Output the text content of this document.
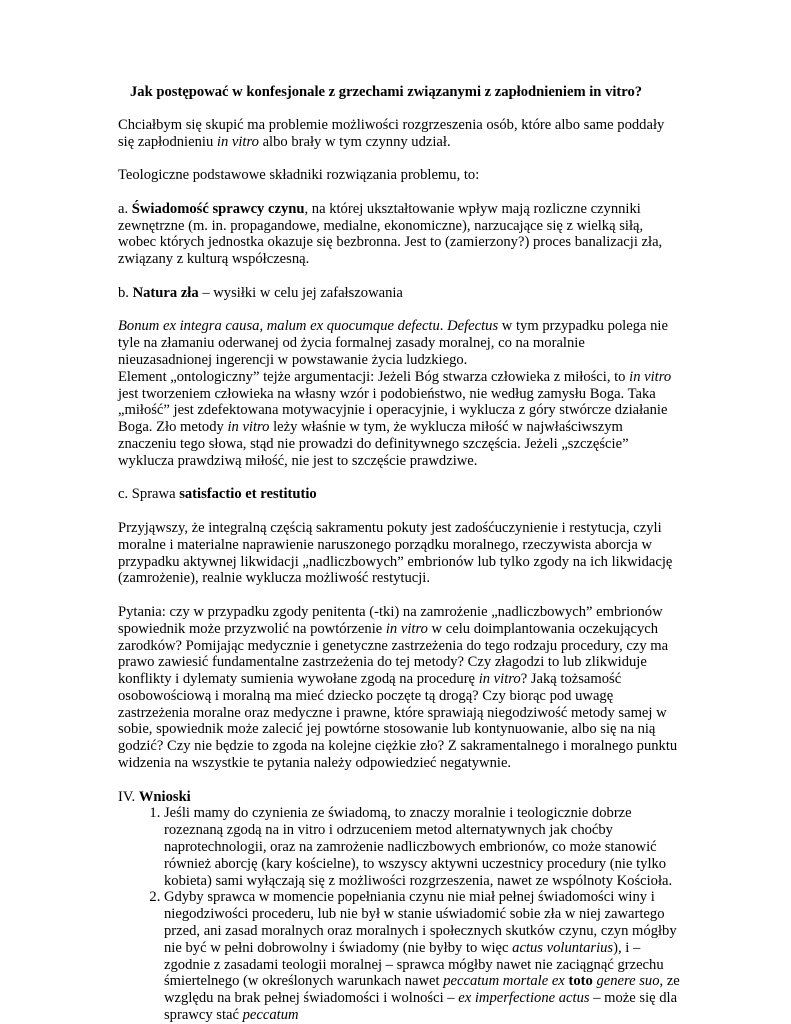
Jak postępować w konfesjonale z grzechami związanymi z zapłodnieniem in vitro?

Chciałbym się skupić ma problemie możliwości rozgrzeszenia osób, które albo same poddały się zapłodnieniu in vitro albo brały w tym czynny udział.

Teologiczne podstawowe składniki rozwiązania problemu, to:

a. Świadomość sprawcy czynu, na której ukształtowanie wpływ mają rozliczne czynniki zewnętrzne (m. in. propagandowe, medialne, ekonomiczne), narzucające się z wielką siłą, wobec których jednostka okazuje się bezbronna. Jest to (zamierzony?) proces banalizacji zła, związany z kulturą współczesną.

b. Natura zła – wysiłki w celu jej zafałszowania

Bonum ex integra causa, malum ex quocumque defectu. Defectus w tym przypadku polega nie tyle na złamaniu oderwanej od życia formalnej zasady moralnej, co na moralnie nieuzasadnionej ingerencji w powstawanie życia ludzkiego.

Element „ontologiczny” tejże argumentacji: Jeżeli Bóg stwarza człowieka z miłości, to in vitro jest tworzeniem człowieka na własny wzór i podobieństwo, nie według zamysłu Boga. Taka „miłość” jest zdefektowana motywacyjnie i operacyjnie, i wyklucza z góry stwórcze działanie Boga. Zło metody in vitro leży właśnie w tym, że wyklucza miłość w najwłaściwszym znaczeniu tego słowa, stąd nie prowadzi do definitywnego szczęścia. Jeżeli „szczęście” wyklucza prawdziwą miłość, nie jest to szczęście prawdziwe.

c. Sprawa satisfactio et restitutio

Przyjąwszy, że integralną częścią sakramentu pokuty jest zadośćuczynienie i restytucja, czyli moralne i materialne naprawienie naruszonego porządku moralnego, rzeczywista aborcja w przypadku aktywnej likwidacji „nadliczbowych” embrionów lub tylko zgody na ich likwidację (zamrożenie), realnie wyklucza możliwość restytucji.

Pytania: czy w przypadku zgody penitenta (-tki) na zamrożenie „nadliczbowych” embrionów spowiednik może przyzwolić na powtórzenie in vitro w celu doimplantowania oczekujących zarodków? Pomijając medycznie i genetyczne zastrzeżenia do tego rodzaju procedury, czy ma prawo zawiesić fundamentalne zastrzeżenia do tej metody? Czy złagodzi to lub zlikwiduje konflikty i dylematy sumienia wywołane zgodą na procedurę in vitro? Jaką tożsamość osobowościową i moralną ma mieć dziecko poczęte tą drogą? Czy biorąc pod uwagę zastrzeżenia moralne oraz medyczne i prawne, które sprawiają niegodziwość metody samej w sobie, spowiednik może zalecić jej powtórne stosowanie lub kontynuowanie, albo się na nią godzić? Czy nie będzie to zgoda na kolejne ciężkie zło? Z sakramentalnego i moralnego punktu widzenia na wszystkie te pytania należy odpowiedzieć negatywnie.

IV. Wnioski

1. Jeśli mamy do czynienia ze świadomą, to znaczy moralnie i teologicznie dobrze rozeznaną zgodą na in vitro i odrzuceniem metod alternatywnych jak choćby naprotechnologii, oraz na zamrożenie nadliczbowych embrionów, co może stanowić również aborcję (kary kościelne), to wszyscy aktywni uczestnicy procedury (nie tylko kobieta) sami wyłączają się z możliwości rozgrzeszenia, nawet ze wspólnoty Kościoła.
2. Gdyby sprawca w momencie popełniania czynu nie miał pełnej świadomości winy i niegodziwości procederu, lub nie był w stanie uświadomić sobie zła w niej zawartego przed, ani zasad moralnych oraz moralnych i społecznych skutków czynu, czyn mógłby nie być w pełni dobrowolny i świadomy (nie byłby to więc actus voluntarius), i – zgodnie z zasadami teologii moralnej – sprawca mógłby nawet nie zaciągnąć grzechu śmiertelnego (w określonych warunkach nawet peccatum mortale ex toto genere suo, ze względu na brak pełnej świadomości i wolności – ex imperfectione actus – może się dla sprawcy stać peccatum
